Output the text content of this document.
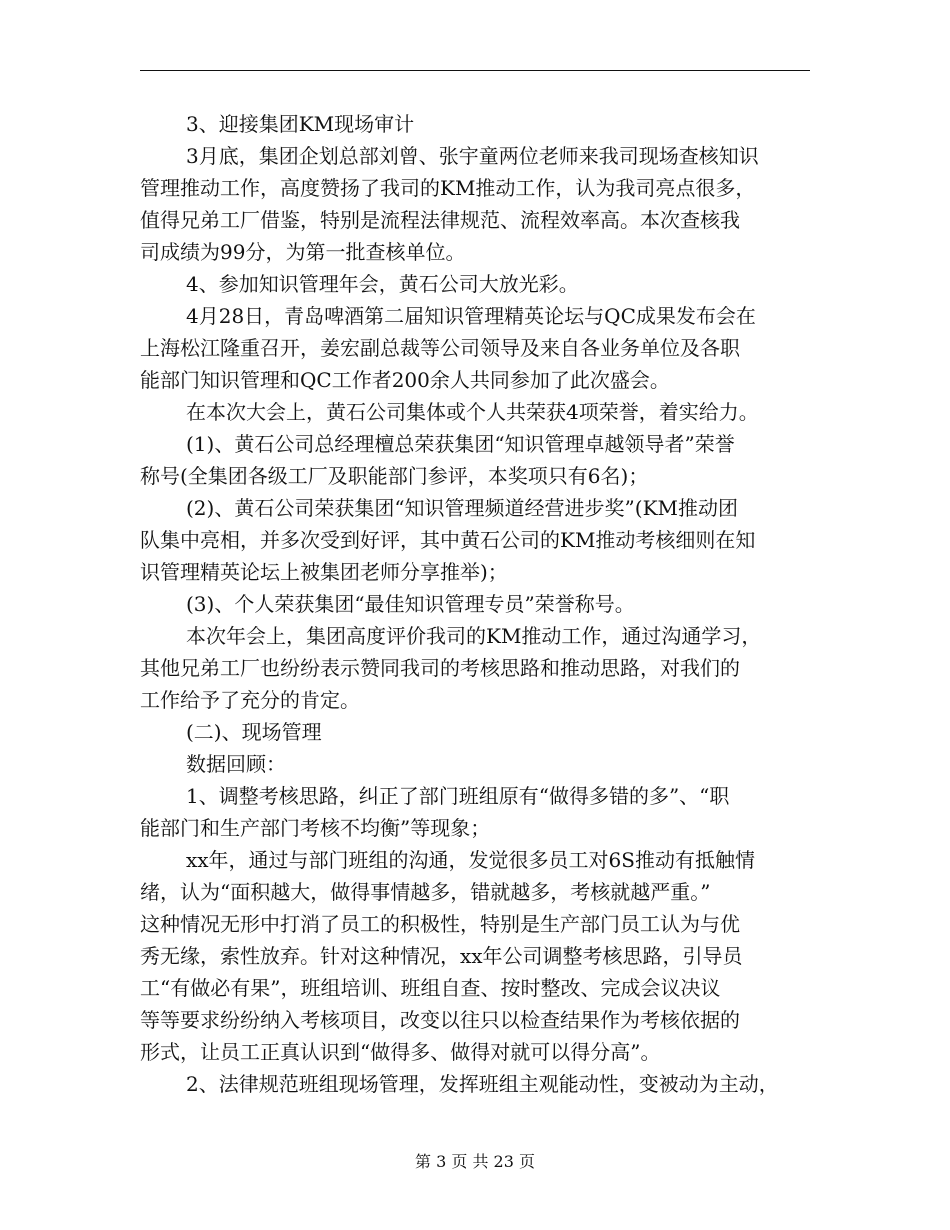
3、迎接集团KM现场审计
3月底，集团企划总部刘曾、张宇童两位老师来我司现场查核知识
管理推动工作，高度赞扬了我司的KM推动工作，认为我司亮点很多，
值得兄弟工厂借鉴，特别是流程法律规范、流程效率高。本次查核我
司成绩为99分，为第一批查核单位。
4、参加知识管理年会，黄石公司大放光彩。
4月28日，青岛啤酒第二届知识管理精英论坛与QC成果发布会在
上海松江隆重召开，姜宏副总裁等公司领导及来自各业务单位及各职
能部门知识管理和QC工作者200余人共同参加了此次盛会。
在本次大会上，黄石公司集体或个人共荣获4项荣誉，着实给力。
(1)、黄石公司总经理檀总荣获集团“知识管理卓越领导者”荣誉
称号(全集团各级工厂及职能部门参评，本奖项只有6名)；
(2)、黄石公司荣获集团“知识管理频道经营进步奖”(KM推动团
队集中亮相，并多次受到好评，其中黄石公司的KM推动考核细则在知
识管理精英论坛上被集团老师分享推举)；
(3)、个人荣获集团“最佳知识管理专员”荣誉称号。
本次年会上，集团高度评价我司的KM推动工作，通过沟通学习，
其他兄弟工厂也纷纷表示赞同我司的考核思路和推动思路，对我们的
工作给予了充分的肯定。
(二)、现场管理
数据回顾：
1、调整考核思路，纠正了部门班组原有“做得多错的多”、“职
能部门和生产部门考核不均衡”等现象；
xx年，通过与部门班组的沟通，发觉很多员工对6S推动有抵触情
绪，认为“面积越大，做得事情越多，错就越多，考核就越严重。”
这种情况无形中打消了员工的积极性，特别是生产部门员工认为与优
秀无缘，索性放弃。针对这种情况，xx年公司调整考核思路，引导员
工“有做必有果”，班组培训、班组自查、按时整改、完成会议决议
等等要求纷纷纳入考核项目，改变以往只以检查结果作为考核依据的
形式，让员工正真认识到“做得多、做得对就可以得分高”。
2、法律规范班组现场管理，发挥班组主观能动性，变被动为主动，
第 3 页 共 23 页
